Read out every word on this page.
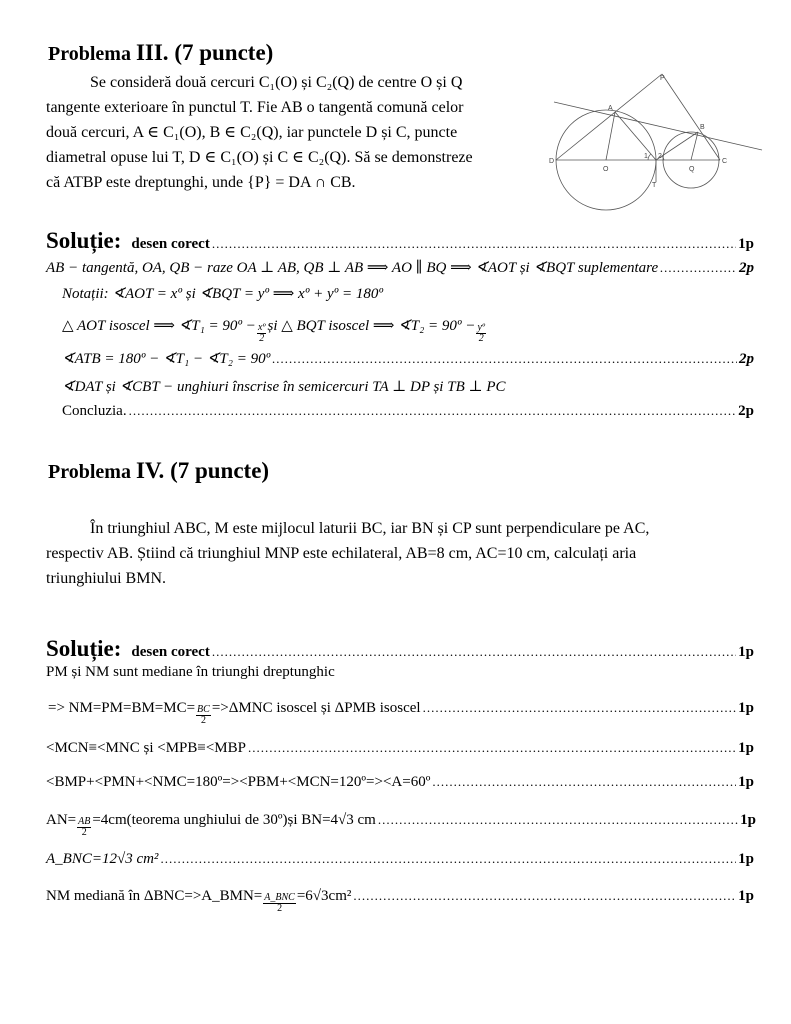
Problema III. (7 puncte)
Se consideră două cercuri C₁(O) și C₂(Q) de centre O și Q
tangente exterioare în punctul T. Fie AB o tangentă comună celor
două cercuri, A ∈ C₁(O), B ∈ C₂(Q), iar punctele D și C, puncte
diametral opuse lui T, D ∈ C₁(O) și C ∈ C₂(Q). Să se demonstreze
că ATBP este dreptunghi, unde {P} = DA ∩ CB.
P
A
B
D
O
T
Q
C
1 2
Soluție: desen corect .....	1p
AB − tangentă, OA, QB − raze OA ⊥ AB, QB ⊥ AB ⟹ AO ∥ BQ ⟹ ∢AOT și ∢BQT suplementare .....	2p
Notații: ∢AOT = xº și ∢BQT = yº ⟹ xº + yº = 180º
△ AOT isoscel ⟹ ∢T₁ = 90º − $\frac{\text{xº}}{2}$ și △ BQT isoscel ⟹ ∢T₂ = 90º − $\frac{\text{yº}}{2}$
∢ATB = 180º − ∢T₁ − ∢T₂ = 90º .....	2p
∢DAT și ∢CBT − unghiuri înscrise în semicercuri TA ⊥ DP și TB ⊥ PC
Concluzia. .....	2p
Problema IV. (7 puncte)
În triunghiul ABC, M este mijlocul laturii BC, iar BN și CP sunt perpendiculare pe AC,
respectiv AB. Știind că triunghiul MNP este echilateral, AB=8 cm, AC=10 cm, calculați aria
triunghiului BMN.
Soluție: desen corect .....	1p
PM și NM sunt mediane în triunghi dreptunghic
=> $NM=PM=BM=MC= \frac{BC}{2} =>\Delta MNC$ isoscel și ΔPMB isoscel .....	1p
<MCN≡<MNC și <MPB≡<MBP .....	1p
<BMP+<PMN+<NMC=180º=><PBM+<MCN=120º=><A=60º .....	1p
$AN= \frac{AB}{2}$ =4cm(teorema unghiului de 30º)și BN=4√3 cm .....	1p
A_BNC=12√3 cm² .....	1p
NM mediană în ΔBNC=>A_BMN= $\frac{\text{A\_BNC}}{2} =6√3cm^2$ .....	1p
